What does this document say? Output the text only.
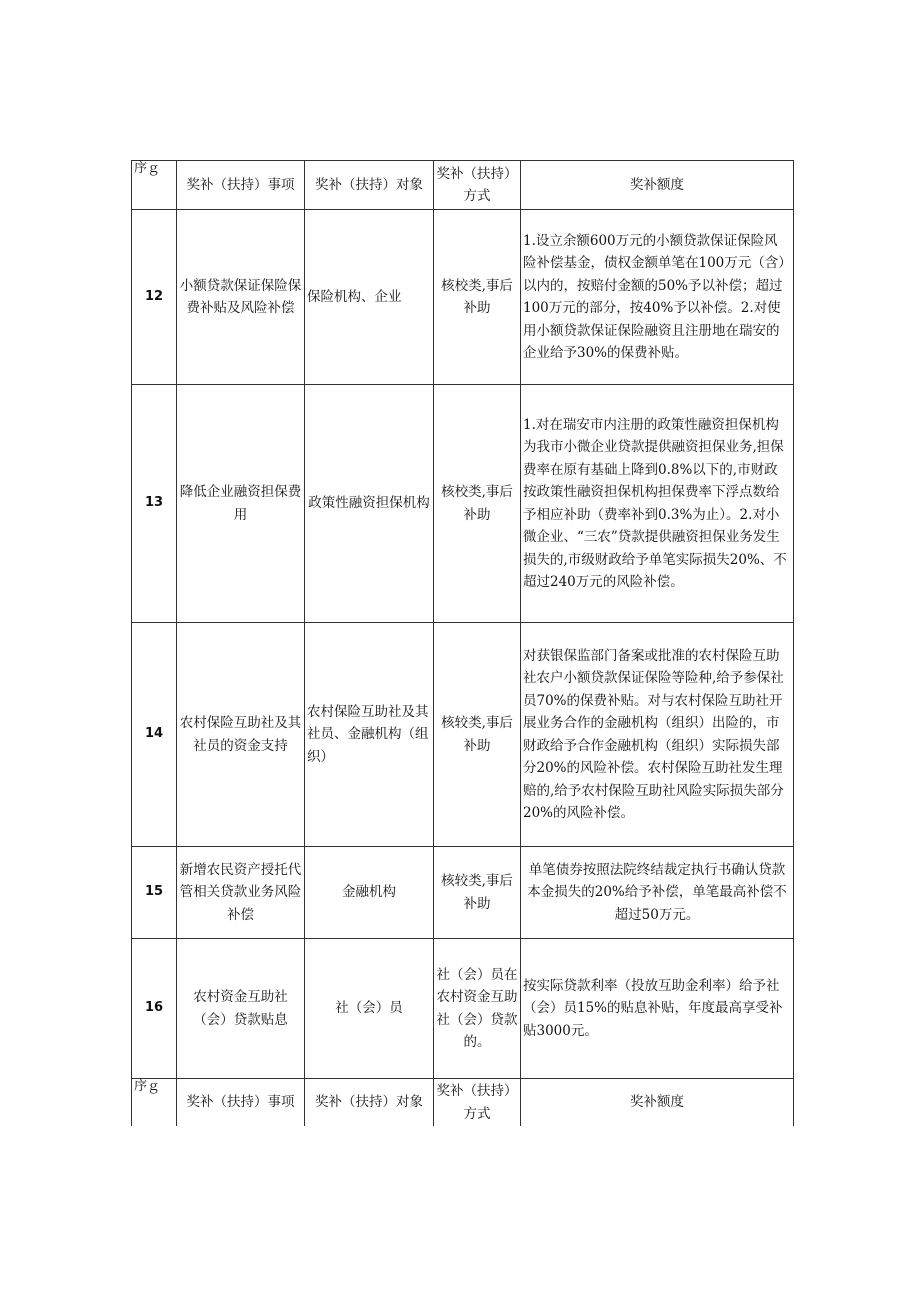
序ｇ	奖补（扶持）事项	奖补（扶持）对象	奖补（扶持）方式	奖补额度
12	小额贷款保证保险保费补贴及风险补偿	保险机构、企业	核校类,事后补助	1.设立余额600万元的小额贷款保证保险风险补偿基金，债权金额单笔在100万元（含）以内的，按赔付金额的50%予以补偿；超过100万元的部分，按40%予以补偿。2.对使用小额贷款保证保险融资且注册地在瑞安的企业给予30%的保费补贴。
13	降低企业融资担保费用	政策性融资担保机构	核校类,事后补助	1.对在瑞安市内注册的政策性融资担保机构为我市小微企业贷款提供融资担保业务,担保费率在原有基础上降到0.8%以下的,市财政按政策性融资担保机构担保费率下浮点数给予相应补助（费率补到0.3%为止）。2.对小微企业、“三农”贷款提供融资担保业务发生损失的,市级财政给予单笔实际损失20%、不超过240万元的风险补偿。
14	农村保险互助社及其社员的资金支持	农村保险互助社及其社员、金融机构（组织）	核较类,事后补助	对获银保监部门备案或批准的农村保险互助社农户小额贷款保证保险等险种,给予参保社员70%的保费补贴。对与农村保险互助社开展业务合作的金融机构（组织）出险的，市财政给予合作金融机构（组织）实际损失部分20%的风险补偿。农村保险互助社发生理赔的,给予农村保险互助社风险实际损失部分20%的风险补偿。
15	新增农民资产授托代管相关贷款业务风险补偿	金融机构	核较类,事后补助	单笔债券按照法院终结裁定执行书确认贷款本金损失的20%给予补偿，单笔最高补偿不超过50万元。
16	农村资金互助社（会）贷款贴息	社（会）员	社（会）员在农村资金互助社（会）贷款的。	按实际贷款利率（投放互助金利率）给予社（会）员15%的贴息补贴，年度最高享受补贴3000元。
序ｇ	奖补（扶持）事项	奖补（扶持）对象	奖补（扶持）方式	奖补额度
